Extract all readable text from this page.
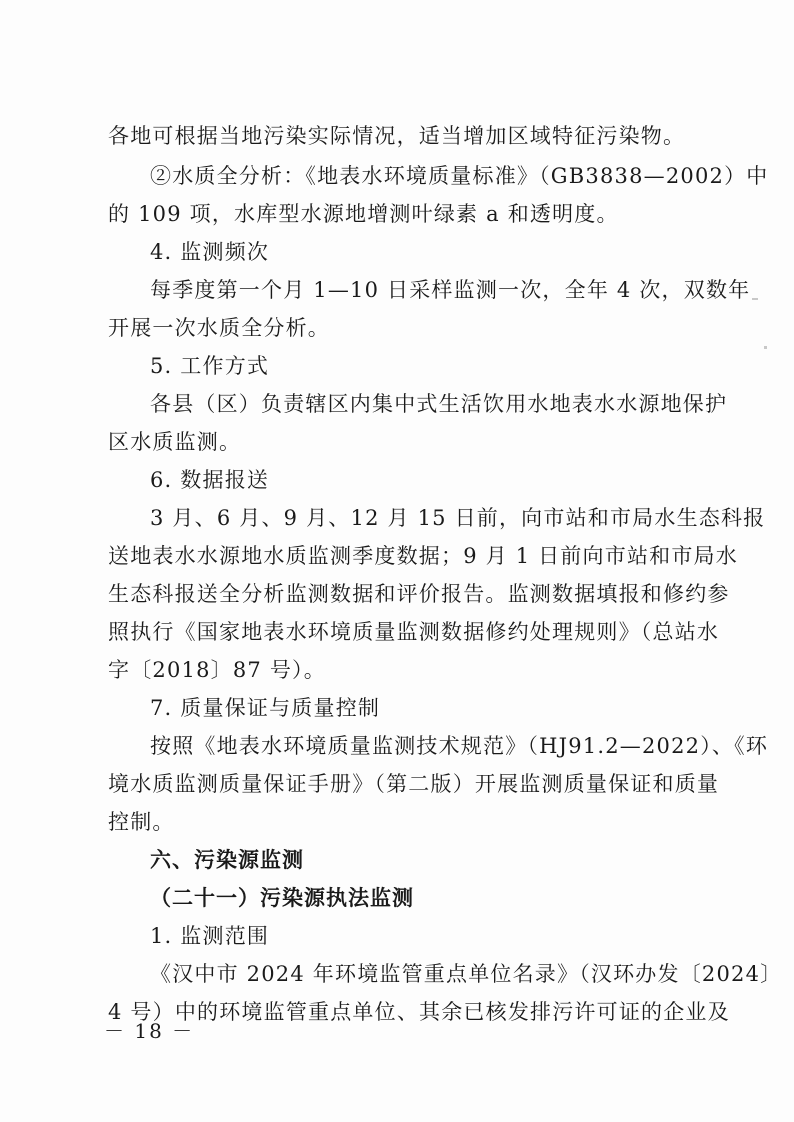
各地可根据当地污染实际情况，适当增加区域特征污染物。
②水质全分析：《地表水环境质量标准》（GB3838—2002）中
的 109 项，水库型水源地增测叶绿素 a 和透明度。
4. 监测频次
每季度第一个月 1—10 日采样监测一次，全年 4 次，双数年
开展一次水质全分析。
5. 工作方式
各县（区）负责辖区内集中式生活饮用水地表水水源地保护
区水质监测。
6. 数据报送
3 月、6 月、9 月、12 月 15 日前，向市站和市局水生态科报
送地表水水源地水质监测季度数据；9 月 1 日前向市站和市局水
生态科报送全分析监测数据和评价报告。监测数据填报和修约参
照执行《国家地表水环境质量监测数据修约处理规则》（总站水
字〔2018〕87 号）。
7. 质量保证与质量控制
按照《地表水环境质量监测技术规范》（HJ91.2—2022）、《环
境水质监测质量保证手册》（第二版）开展监测质量保证和质量
控制。
六、污染源监测
（二十一）污染源执法监测
1. 监测范围
《汉中市 2024 年环境监管重点单位名录》（汉环办发〔2024〕
4 号）中的环境监管重点单位、其余已核发排污许可证的企业及
－ 18 －
